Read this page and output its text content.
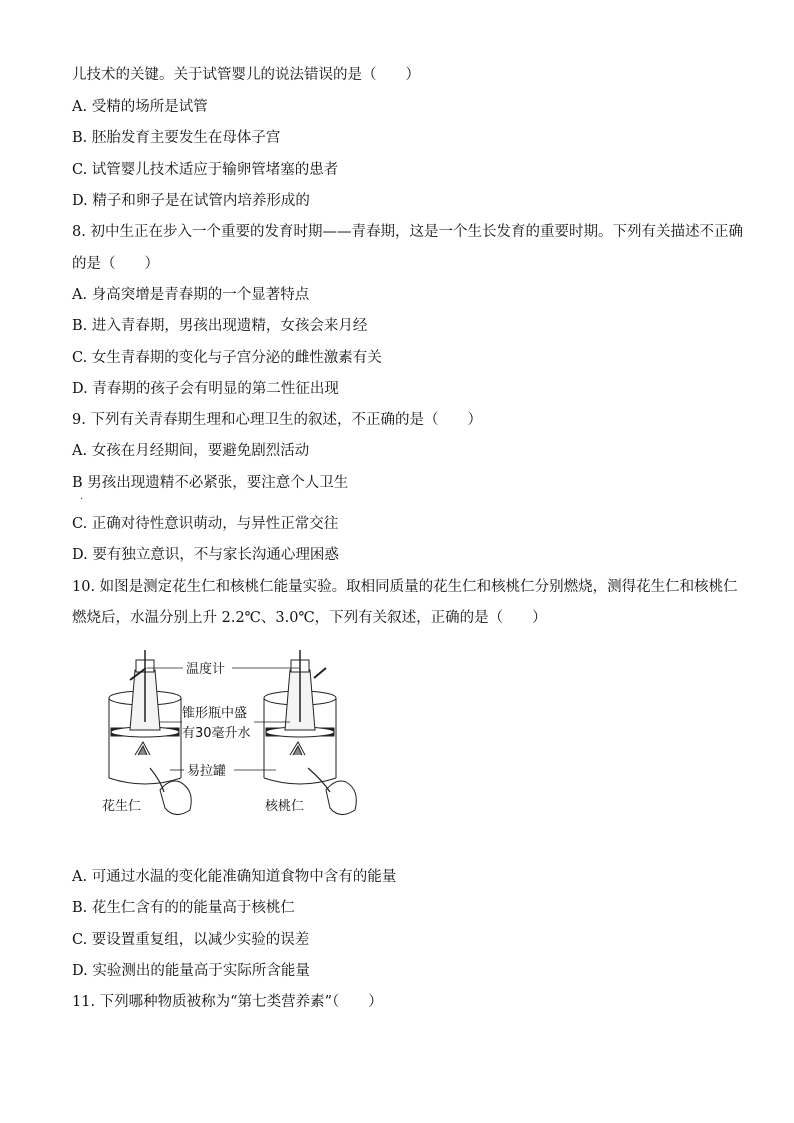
儿技术的关键。关于试管婴儿的说法错误的是（　　）
A. 受精的场所是试管
B. 胚胎发育主要发生在母体子宫
C. 试管婴儿技术适应于输卵管堵塞的患者
D. 精子和卵子是在试管内培养形成的
8. 初中生正在步入一个重要的发育时期——青春期，这是一个生长发育的重要时期。下列有关描述不正确
的是（　　）
A. 身高突增是青春期的一个显著特点
B. 进入青春期，男孩出现遗精，女孩会来月经
C. 女生青春期的变化与子宫分泌的雌性激素有关
D. 青春期的孩子会有明显的第二性征出现
9. 下列有关青春期生理和心理卫生的叙述，不正确的是（　　）
A. 女孩在月经期间，要避免剧烈活动
B 男孩出现遗精不必紧张，要注意个人卫生
·
C. 正确对待性意识萌动，与异性正常交往
D. 要有独立意识，不与家长沟通心理困惑
10. 如图是测定花生仁和核桃仁能量实验。取相同质量的花生仁和核桃仁分别燃烧，测得花生仁和核桃仁
燃烧后，水温分别上升 2.2℃、3.0℃，下列有关叙述，正确的是（　　）
温度计
锥形瓶中盛
有30毫升水
易拉罐
花生仁	核桃仁
A. 可通过水温的变化能准确知道食物中含有的能量
B. 花生仁含有的的能量高于核桃仁
C. 要设置重复组，以减少实验的误差
D. 实验测出的能量高于实际所含能量
11. 下列哪种物质被称为“第七类营养素”（　　）
